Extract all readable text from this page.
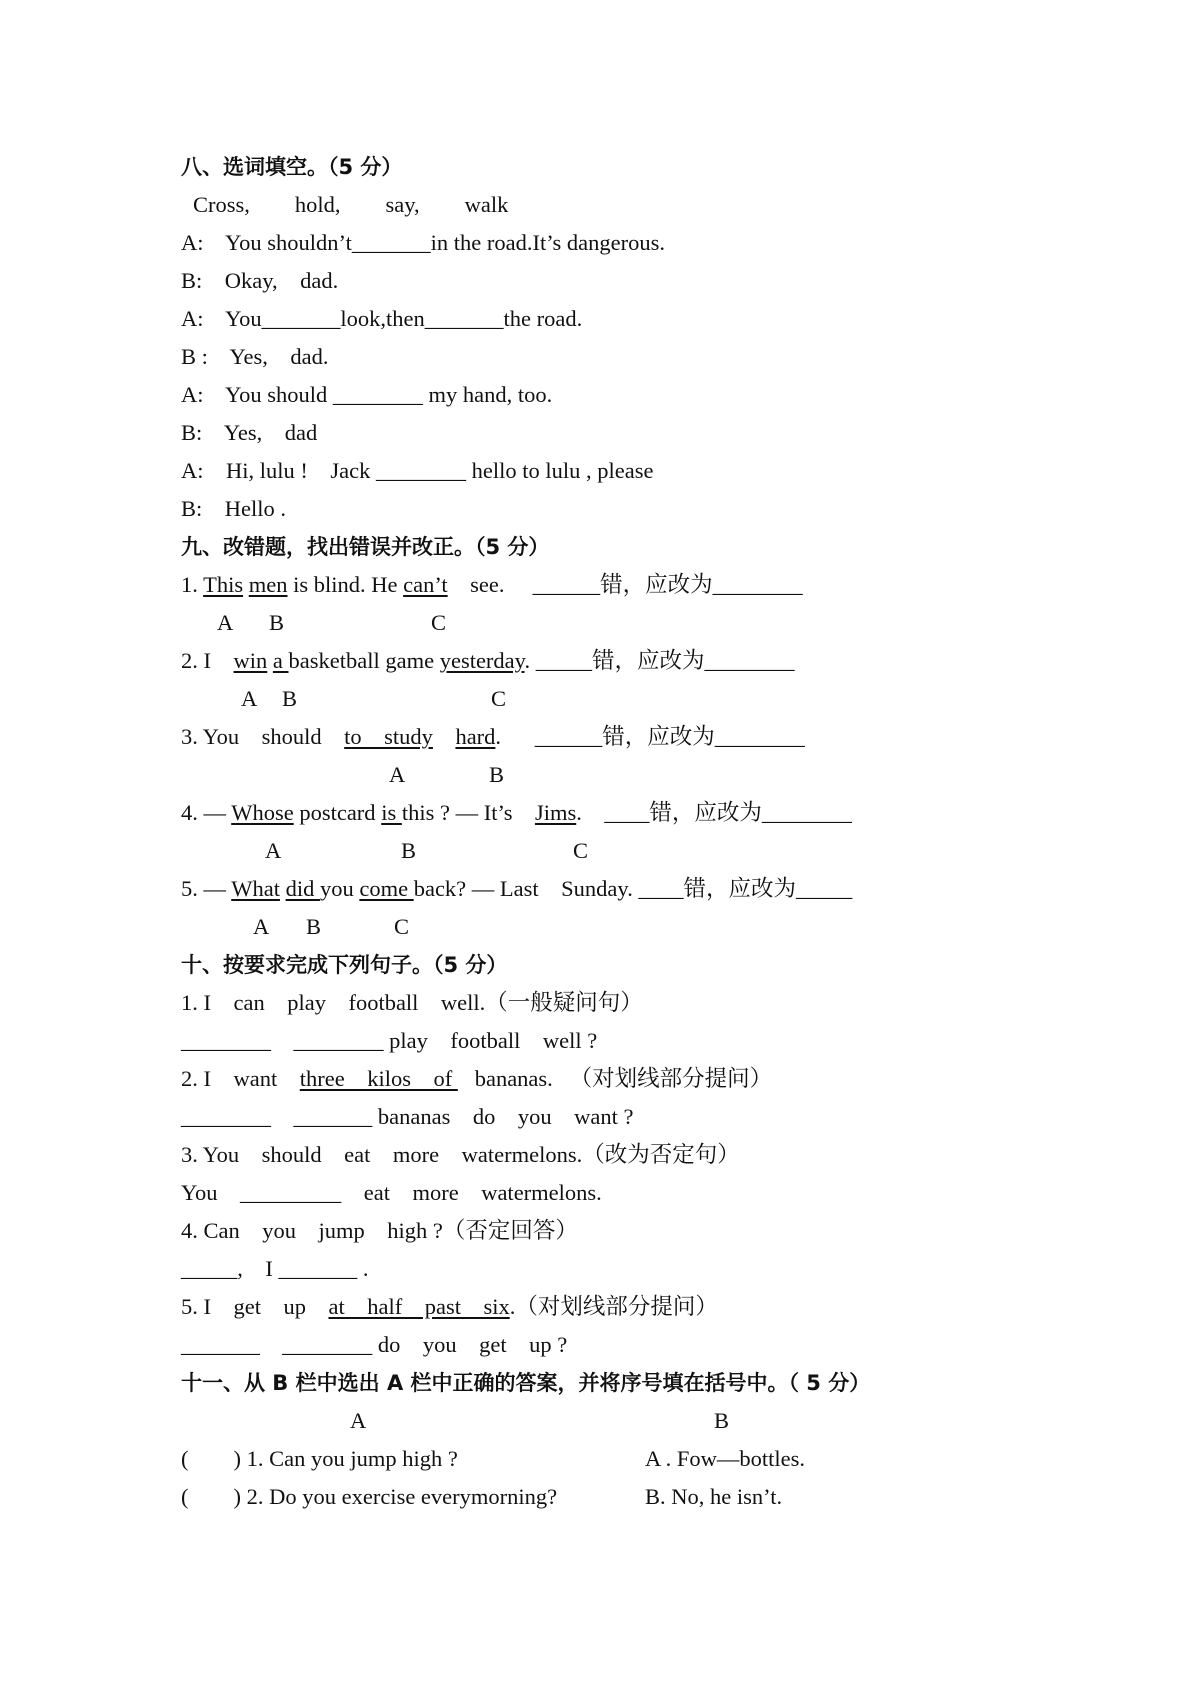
八、选词填空。（5 分）
Cross,        hold,        say,        walk
A:    You shouldn’t_______in the road.It’s dangerous.
B:    Okay,    dad.
A:    You_______look,then_______the road.
B :    Yes,    dad.
A:    You should ________ my hand, too.
B:    Yes,    dad
A:    Hi, lulu !    Jack ________ hello to lulu , please
B:    Hello .
九、改错题，找出错误并改正。（5 分）
1. This men is blind. He can’t    see.     ______错，应改为________
A B	C
2. I    win a basketball game yesterday. _____错，应改为________
A B	C
3. You    should    to    study hard.      ______错，应改为________
A	B
4. — Whose postcard is this ? — It’s    Jims.    ____错，应改为________
A	B	C
5. — What did you come back? — Last    Sunday. ____错，应改为_____
A B	C
十、按要求完成下列句子。（5 分）
1. I    can    play    football    well.（一般疑问句）
________    ________ play    football    well ?
2. I    want    three    kilos    of    bananas.   （对划线部分提问）
________    _______ bananas    do    you    want ?
3. You    should    eat    more    watermelons.（改为否定句）
You    _________    eat    more    watermelons.
4. Can    you    jump    high ?（否定回答）
_____,    I _______ .
5. I    get    up    at    half    past    six.（对划线部分提问）
_______    ________ do    you    get    up ?
十一、从 B 栏中选出 A 栏中正确的答案，并将序号填在括号中。（ 5 分）
A	B
(        ) 1. Can you jump high ?	A . Fow—bottles.
(        ) 2. Do you exercise everymorning?	B. No, he isn’t.
